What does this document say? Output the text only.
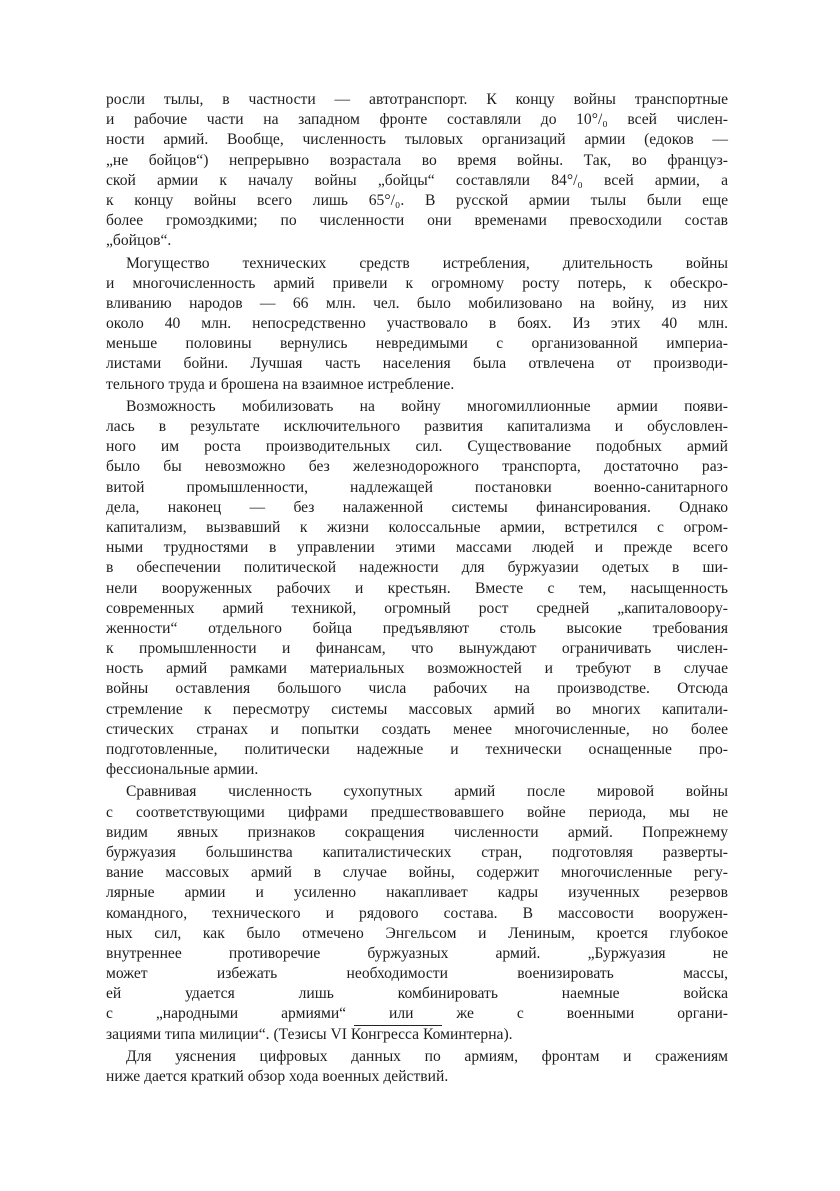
росли тылы, в частности — автотранспорт. К концу войны транспортные
и рабочие части на западном фронте составляли до 10°/₀ всей числен-
ности армий. Вообще, численность тыловых организаций армии (едоков —
„не бойцов“) непрерывно возрастала во время войны. Так, во француз-
ской армии к началу войны „бойцы“ составляли 84°/₀ всей армии, а
к концу войны всего лишь 65°/₀. В русской армии тылы были еще
более громоздкими; по численности они временами превосходили состав
„бойцов“.
Могущество технических средств истребления, длительность войны
и многочисленность армий привели к огромному росту потерь, к обескро-
вливанию народов — 66 млн. чел. было мобилизовано на войну, из них
около 40 млн. непосредственно участвовало в боях. Из этих 40 млн.
меньше половины вернулись невредимыми с организованной империа-
листами бойни. Лучшая часть населения была отвлечена от производи-
тельного труда и брошена на взаимное истребление.
Возможность мобилизовать на войну многомиллионные армии появи-
лась в результате исключительного развития капитализма и обусловлен-
ного им роста производительных сил. Существование подобных армий
было бы невозможно без железнодорожного транспорта, достаточно раз-
витой промышленности, надлежащей постановки военно-санитарного
дела, наконец — без налаженной системы финансирования. Однако
капитализм, вызвавший к жизни колоссальные армии, встретился с огром-
ными трудностями в управлении этими массами людей и прежде всего
в обеспечении политической надежности для буржуазии одетых в ши-
нели вооруженных рабочих и крестьян. Вместе с тем, насыщенность
современных армий техникой, огромный рост средней „капиталовоору-
женности“ отдельного бойца предъявляют столь высокие требования
к промышленности и финансам, что вынуждают ограничивать числен-
ность армий рамками материальных возможностей и требуют в случае
войны оставления большого числа рабочих на производстве. Отсюда
стремление к пересмотру системы массовых армий во многих капитали-
стических странах и попытки создать менее многочисленные, но более
подготовленные, политически надежные и технически оснащенные про-
фессиональные армии.
Сравнивая численность сухопутных армий после мировой войны
с соответствующими цифрами предшествовавшего войне периода, мы не
видим явных признаков сокращения численности армий. Попрежнему
буржуазия большинства капиталистических стран, подготовляя разверты-
вание массовых армий в случае войны, содержит многочисленные регу-
лярные армии и усиленно накапливает кадры изученных резервов
командного, технического и рядового состава. В массовости вооружен-
ных сил, как было отмечено Энгельсом и Лениным, кроется глубокое
внутреннее противоречие буржуазных армий. „Буржуазия не
может избежать необходимости военизировать массы,
ей удается лишь комбинировать наемные войска
с „народными армиями“ или же с военными органи-
зациями типа милиции“. (Тезисы VI Конгресса Коминтерна).
Для уяснения цифровых данных по армиям, фронтам и сражениям
ниже дается краткий обзор хода военных действий.
